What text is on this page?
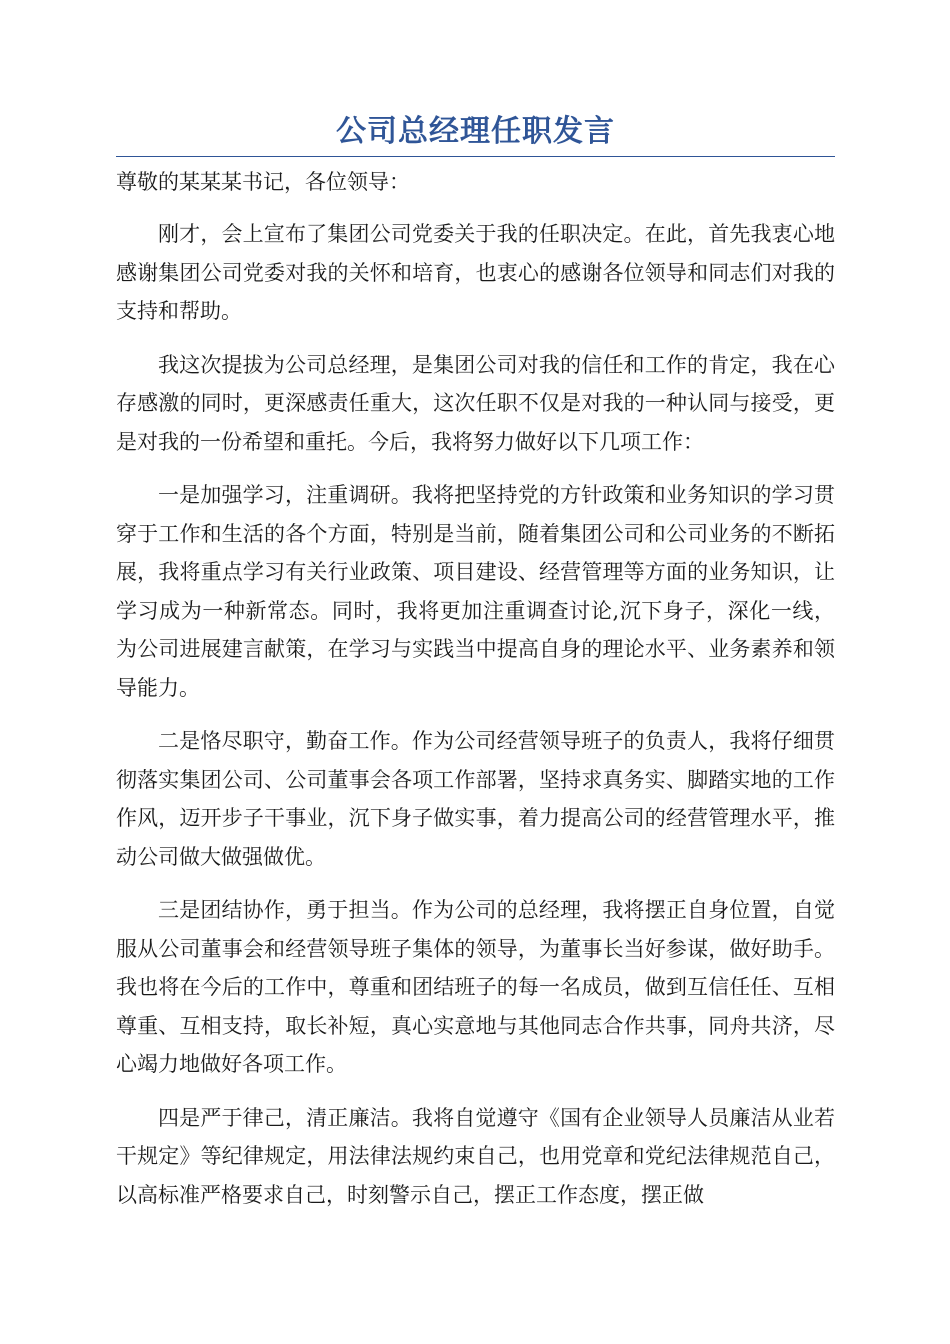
公司总经理任职发言

尊敬的某某某书记，各位领导：

刚才，会上宣布了集团公司党委关于我的任职决定。在此，首先我衷心地感谢集团公司党委对我的关怀和培育，也衷心的感谢各位领导和同志们对我的支持和帮助。

我这次提拔为公司总经理，是集团公司对我的信任和工作的肯定，我在心存感激的同时，更深感责任重大，这次任职不仅是对我的一种认同与接受，更是对我的一份希望和重托。今后，我将努力做好以下几项工作：

一是加强学习，注重调研。我将把坚持党的方针政策和业务知识的学习贯穿于工作和生活的各个方面，特别是当前，随着集团公司和公司业务的不断拓展，我将重点学习有关行业政策、项目建设、经营管理等方面的业务知识，让学习成为一种新常态。同时，我将更加注重调查讨论,沉下身子，深化一线，为公司进展建言献策，在学习与实践当中提高自身的理论水平、业务素养和领导能力。

二是恪尽职守，勤奋工作。作为公司经营领导班子的负责人，我将仔细贯彻落实集团公司、公司董事会各项工作部署，坚持求真务实、脚踏实地的工作作风，迈开步子干事业，沉下身子做实事，着力提高公司的经营管理水平，推动公司做大做强做优。

三是团结协作，勇于担当。作为公司的总经理，我将摆正自身位置，自觉服从公司董事会和经营领导班子集体的领导，为董事长当好参谋，做好助手。我也将在今后的工作中，尊重和团结班子的每一名成员，做到互信任任、互相尊重、互相支持，取长补短，真心实意地与其他同志合作共事，同舟共济，尽心竭力地做好各项工作。

四是严于律己，清正廉洁。我将自觉遵守《国有企业领导人员廉洁从业若干规定》等纪律规定，用法律法规约束自己，也用党章和党纪法律规范自己，以高标准严格要求自己，时刻警示自己，摆正工作态度，摆正做
